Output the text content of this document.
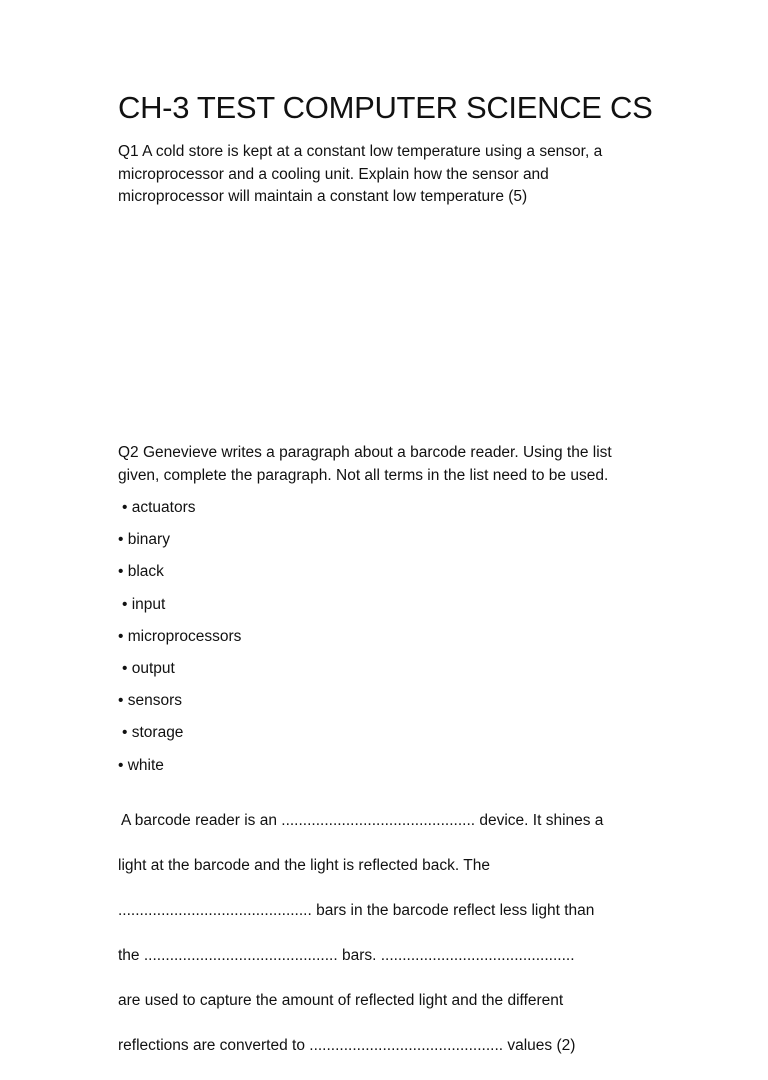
CH-3 TEST COMPUTER SCIENCE CS

Q1 A cold store is kept at a constant low temperature using a sensor, a microprocessor and a cooling unit. Explain how the sensor and microprocessor will maintain a constant low temperature (5)

Q2 Genevieve writes a paragraph about a barcode reader. Using the list given, complete the paragraph. Not all terms in the list need to be used.

• actuators
• binary
• black
• input
• microprocessors
• output
• sensors
• storage
• white

A barcode reader is an ............................................. device. It shines a

light at the barcode and the light is reflected back. The

............................................. bars in the barcode reflect less light than

the ............................................. bars. .............................................

are used to capture the amount of reflected light and the different

reflections are converted to ............................................. values (2)
